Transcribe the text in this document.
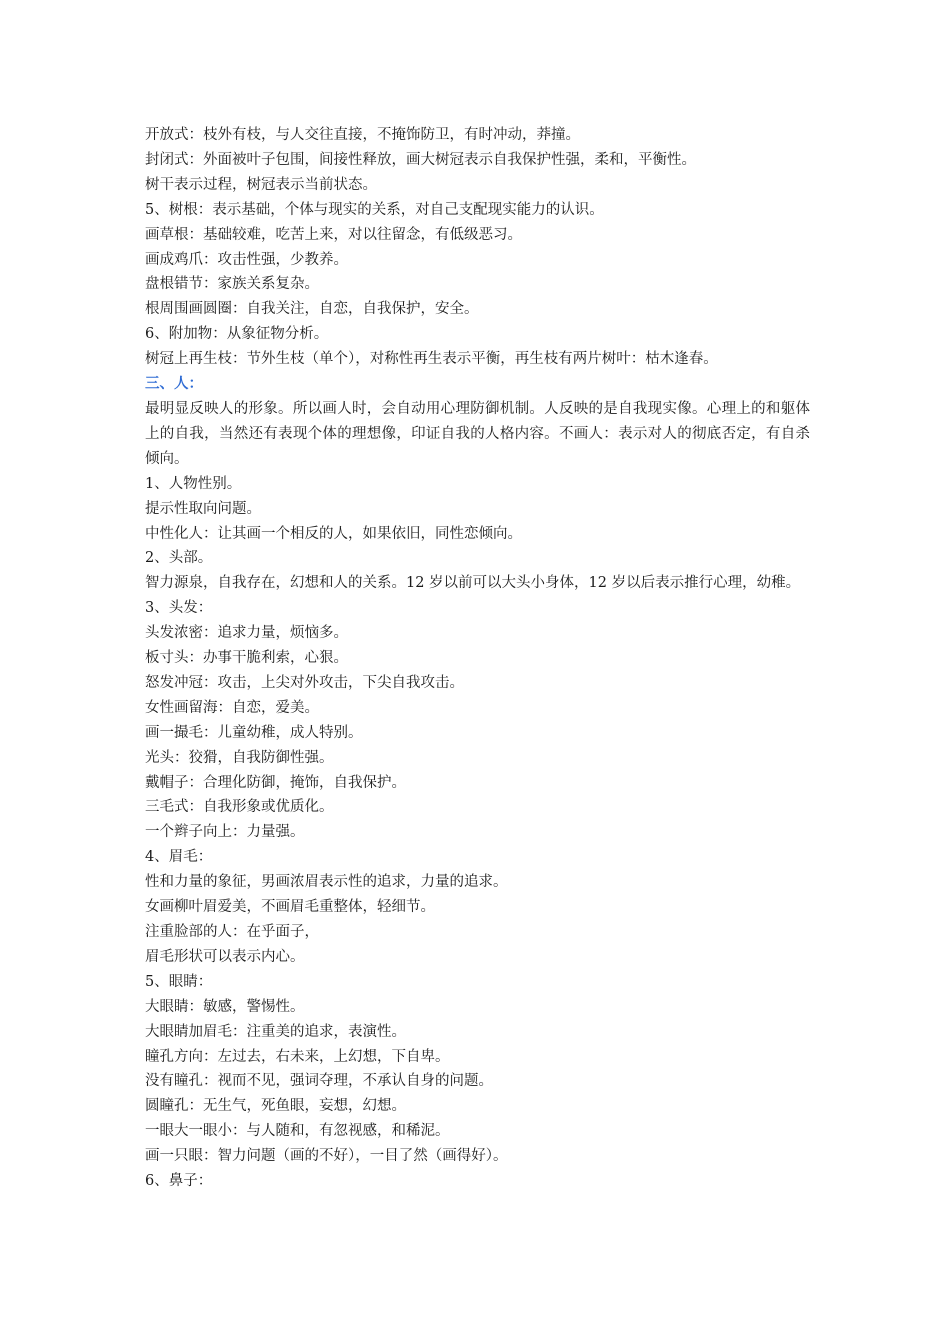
开放式：枝外有枝，与人交往直接，不掩饰防卫，有时冲动，莽撞。
封闭式：外面被叶子包围，间接性释放，画大树冠表示自我保护性强，柔和，平衡性。
树干表示过程，树冠表示当前状态。
5、树根：表示基础，个体与现实的关系，对自己支配现实能力的认识。
画草根：基础较难，吃苦上来，对以往留念，有低级恶习。
画成鸡爪：攻击性强，少教养。
盘根错节：家族关系复杂。
根周围画圆圈：自我关注，自恋，自我保护，安全。
6、附加物：从象征物分析。
树冠上再生枝：节外生枝（单个），对称性再生表示平衡，再生枝有两片树叶：枯木逢春。
三、人：
最明显反映人的形象。所以画人时，会自动用心理防御机制。人反映的是自我现实像。心理上的和躯体上的自我，当然还有表现个体的理想像，印证自我的人格内容。不画人：表示对人的彻底否定，有自杀倾向。
1、人物性别。
提示性取向问题。
中性化人：让其画一个相反的人，如果依旧，同性恋倾向。
2、头部。
智力源泉，自我存在，幻想和人的关系。12 岁以前可以大头小身体，12 岁以后表示推行心理，幼稚。
3、头发：
头发浓密：追求力量，烦恼多。
板寸头：办事干脆利索，心狠。
怒发冲冠：攻击，上尖对外攻击，下尖自我攻击。
女性画留海：自恋，爱美。
画一撮毛：儿童幼稚，成人特别。
光头：狡猾，自我防御性强。
戴帽子：合理化防御，掩饰，自我保护。
三毛式：自我形象或优质化。
一个辫子向上：力量强。
4、眉毛：
性和力量的象征，男画浓眉表示性的追求，力量的追求。
女画柳叶眉爱美，不画眉毛重整体，轻细节。
注重脸部的人：在乎面子，
眉毛形状可以表示内心。
5、眼睛：
大眼睛：敏感，警惕性。
大眼睛加眉毛：注重美的追求，表演性。
瞳孔方向：左过去，右未来，上幻想，下自卑。
没有瞳孔：视而不见，强词夺理，不承认自身的问题。
圆瞳孔：无生气，死鱼眼，妄想，幻想。
一眼大一眼小：与人随和，有忽视感，和稀泥。
画一只眼：智力问题（画的不好），一目了然（画得好）。
6、鼻子：
